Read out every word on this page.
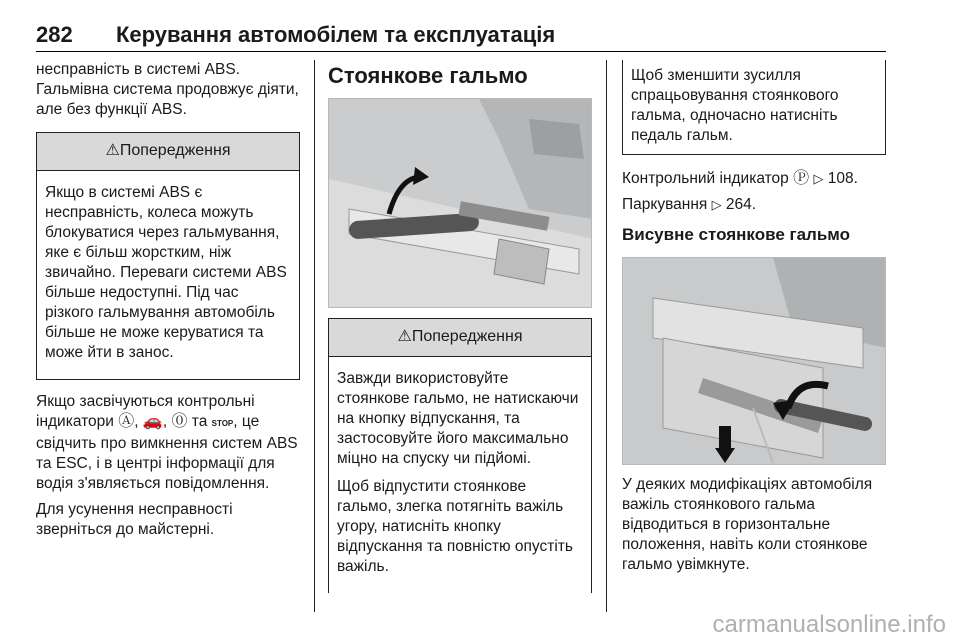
282 Керування автомобілем та експлуатація

несправність в системі ABS.

Гальмівна система продовжує діяти, але без функції ABS.

⚠Попередження

Якщо в системі ABS є несправність, колеса можуть блокуватися через гальмування, яке є більш жорстким, ніж звичайно. Переваги системи ABS більше недоступні. Під час різкого гальмування автомобіль більше не може керуватися та може йти в занос.

Якщо засвічуються контрольні індикатори Ⓐ, 🚗, ⓪ та STOP, це свідчить про вимкнення систем ABS та ESC, і в центрі інформації для водія з'являється повідомлення.

Для усунення несправності зверніться до майстерні.

Стоянкове гальмо
⚠Попередження

Завжди використовуйте стоянкове гальмо, не натискаючи на кнопку відпускання, та застосовуйте його максимально міцно на спуску чи підйомі.

Щоб відпустити стоянкове гальмо, злегка потягніть важіль угору, натисніть кнопку відпускання та повністю опустіть важіль.

Щоб зменшити зусилля спрацьовування стоянкового гальма, одночасно натисніть педаль гальм.

Контрольний індикатор Ⓟ ▷ 108.

Паркування ▷ 264.

Висувне стоянкове гальмо

У деяких модифікаціях автомобіля важіль стоянкового гальма відводиться в горизонтальне положення, навіть коли стоянкове гальмо увімкнуте.

carmanualsonline.info
